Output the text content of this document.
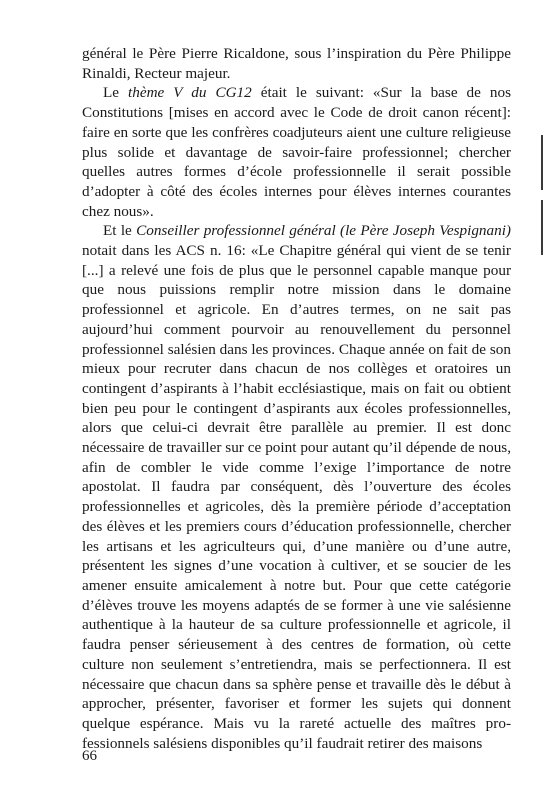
général le Père Pierre Ricaldone, sous l’inspiration du Père Philippe Rinaldi, Recteur majeur.

Le thème V du CG12 était le suivant: «Sur la base de nos Constitutions [mises en accord avec le Code de droit canon récent]: faire en sorte que les confrères coadjuteurs aient une culture religieuse plus solide et davantage de savoir-faire professionnel; chercher quelles autres formes d’école professionnelle il serait possible d’adopter à côté des écoles internes pour élèves internes courantes chez nous».

Et le Conseiller professionnel général (le Père Joseph Vespignani) notait dans les ACS n. 16: «Le Chapitre général qui vient de se tenir [...] a relevé une fois de plus que le personnel capable manque pour que nous puissions remplir notre mission dans le domaine professionnel et agricole. En d’autres termes, on ne sait pas aujourd’hui comment pourvoir au renouvellement du personnel professionnel salésien dans les provinces. Chaque année on fait de son mieux pour recruter dans chacun de nos collèges et oratoires un contingent d’aspirants à l’habit ecclésiastique, mais on fait ou obtient bien peu pour le contingent d’aspirants aux écoles professionnelles, alors que celui-ci devrait être parallèle au premier. Il est donc nécessaire de travailler sur ce point pour autant qu’il dépende de nous, afin de combler le vide comme l’exige l’importance de notre apostolat. Il faudra par conséquent, dès l’ouverture des écoles professionnelles et agricoles, dès la première période d’acceptation des élèves et les premiers cours d’éducation professionnelle, chercher les artisans et les agriculteurs qui, d’une manière ou d’une autre, présentent les signes d’une vocation à cultiver, et se soucier de les amener ensuite amicalement à notre but. Pour que cette catégorie d’élèves trouve les moyens adaptés de se former à une vie salésienne authentique à la hauteur de sa culture professionnelle et agricole, il faudra penser sérieusement à des centres de formation, où cette culture non seulement s’entretiendra, mais se perfectionnera. Il est nécessaire que chacun dans sa sphère pense et travaille dès le début à approcher, présenter, favoriser et former les sujets qui donnent quelque espérance. Mais vu la rareté actuelle des maîtres professionnels salésiens disponibles qu’il faudrait retirer des maisons

66
